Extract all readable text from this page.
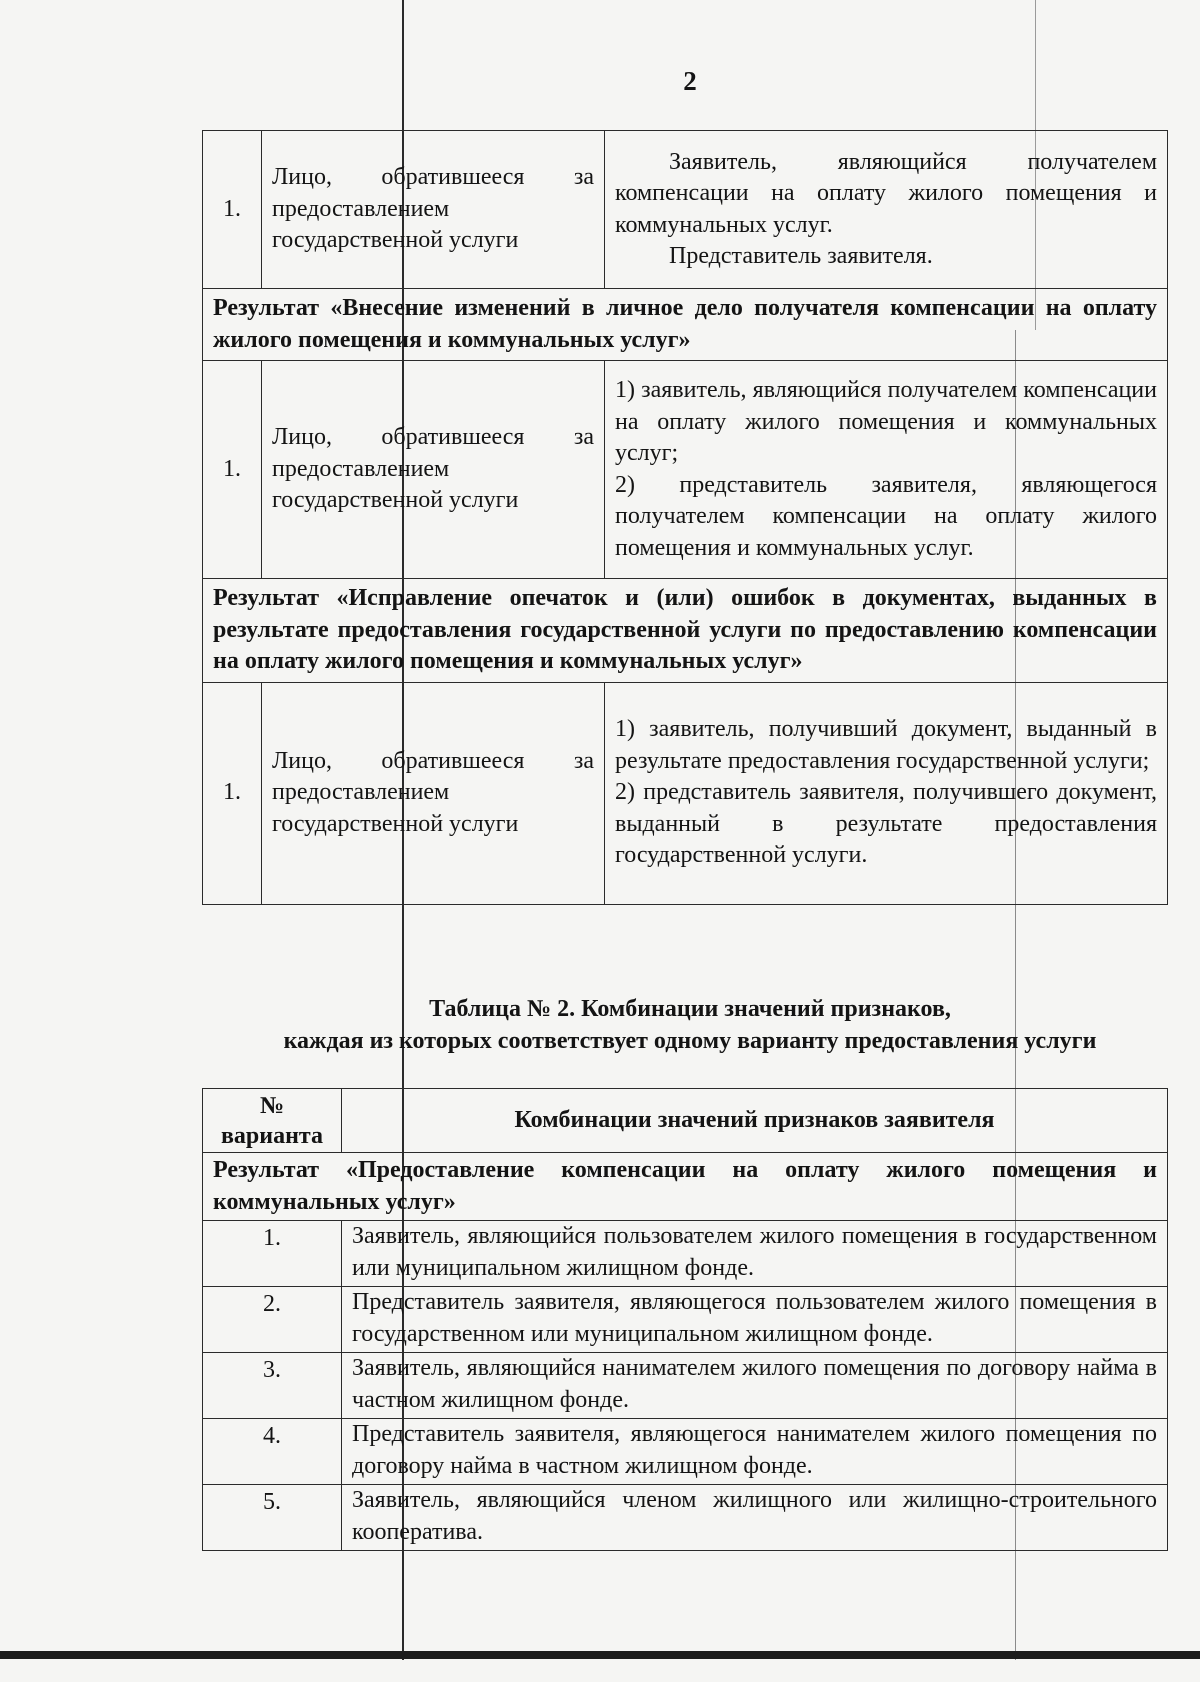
2
1.	Лицо, обратившееся за предоставлением государственной услуги	Заявитель, являющийся получателем компенсации на оплату жилого помещения и коммунальных услуг.
Представитель заявителя.

Результат «Внесение изменений в личное дело получателя компенсации на оплату жилого помещения и коммунальных услуг»		
1.	Лицо, обратившееся за предоставлением государственной услуги	1) заявитель, являющийся получателем компенсации на оплату жилого помещения и коммунальных услуг;
2) представитель заявителя, являющегося получателем компенсации на оплату жилого помещения и коммунальных услуг.

Результат «Исправление опечаток и (или) ошибок в документах, выданных в результате предоставления государственной услуги по предоставлению компенсации на оплату жилого помещения и коммунальных услуг»		
1.	Лицо, обратившееся за предоставлением государственной услуги	1) заявитель, получивший документ, выданный в результате предоставления государственной услуги;
2) представитель заявителя, получившего документ, выданный в результате предоставления государственной услуги.
Таблица № 2. Комбинации значений признаков,
каждая из которых соответствует одному варианту предоставления услуги
№
варианта	Комбинации значений признаков заявителя
Результат «Предоставление компенсации на оплату жилого помещения и коммунальных услуг»	
1.	Заявитель, являющийся пользователем жилого помещения в государственном или муниципальном жилищном фонде.
2.	Представитель заявителя, являющегося пользователем жилого помещения в государственном или муниципальном жилищном фонде.
3.	Заявитель, являющийся нанимателем жилого помещения по договору найма в частном жилищном фонде.
4.	Представитель заявителя, являющегося нанимателем жилого помещения по договору найма в частном жилищном фонде.
5.	Заявитель, являющийся членом жилищного или жилищно-строительного кооператива.
